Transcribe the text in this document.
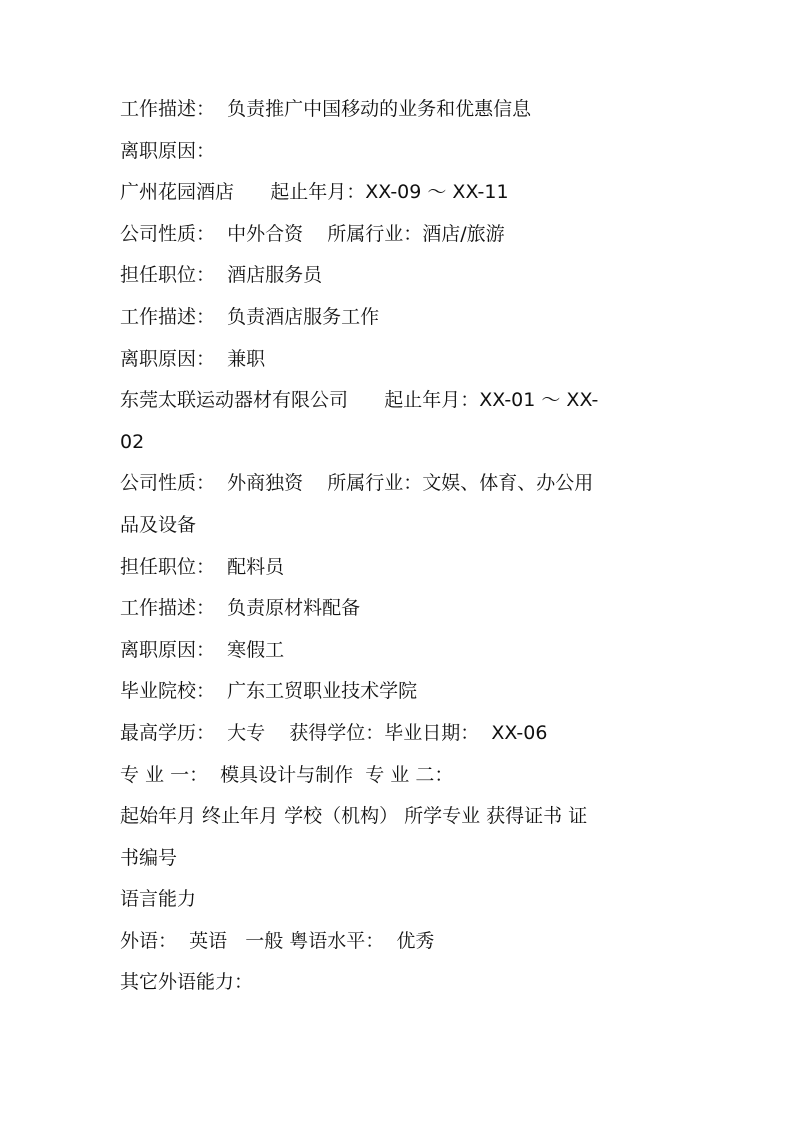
工作描述：  负责推广中国移动的业务和优惠信息
离职原因：
广州花园酒店      起止年月：XX-09 ～ XX-11
公司性质：  中外合资    所属行业：酒店/旅游
担任职位：  酒店服务员
工作描述：  负责酒店服务工作
离职原因：  兼职
东莞太联运动器材有限公司      起止年月：XX-01 ～ XX-
02
公司性质：  外商独资    所属行业：文娱、体育、办公用
品及设备
担任职位：  配料员
工作描述：  负责原材料配备
离职原因：  寒假工
毕业院校：  广东工贸职业技术学院
最高学历：  大专    获得学位：毕业日期：  XX-06
专 业 一：  模具设计与制作  专 业 二：
起始年月 终止年月 学校（机构） 所学专业 获得证书 证
书编号
语言能力
外语：  英语   一般 粤语水平：  优秀
其它外语能力：
